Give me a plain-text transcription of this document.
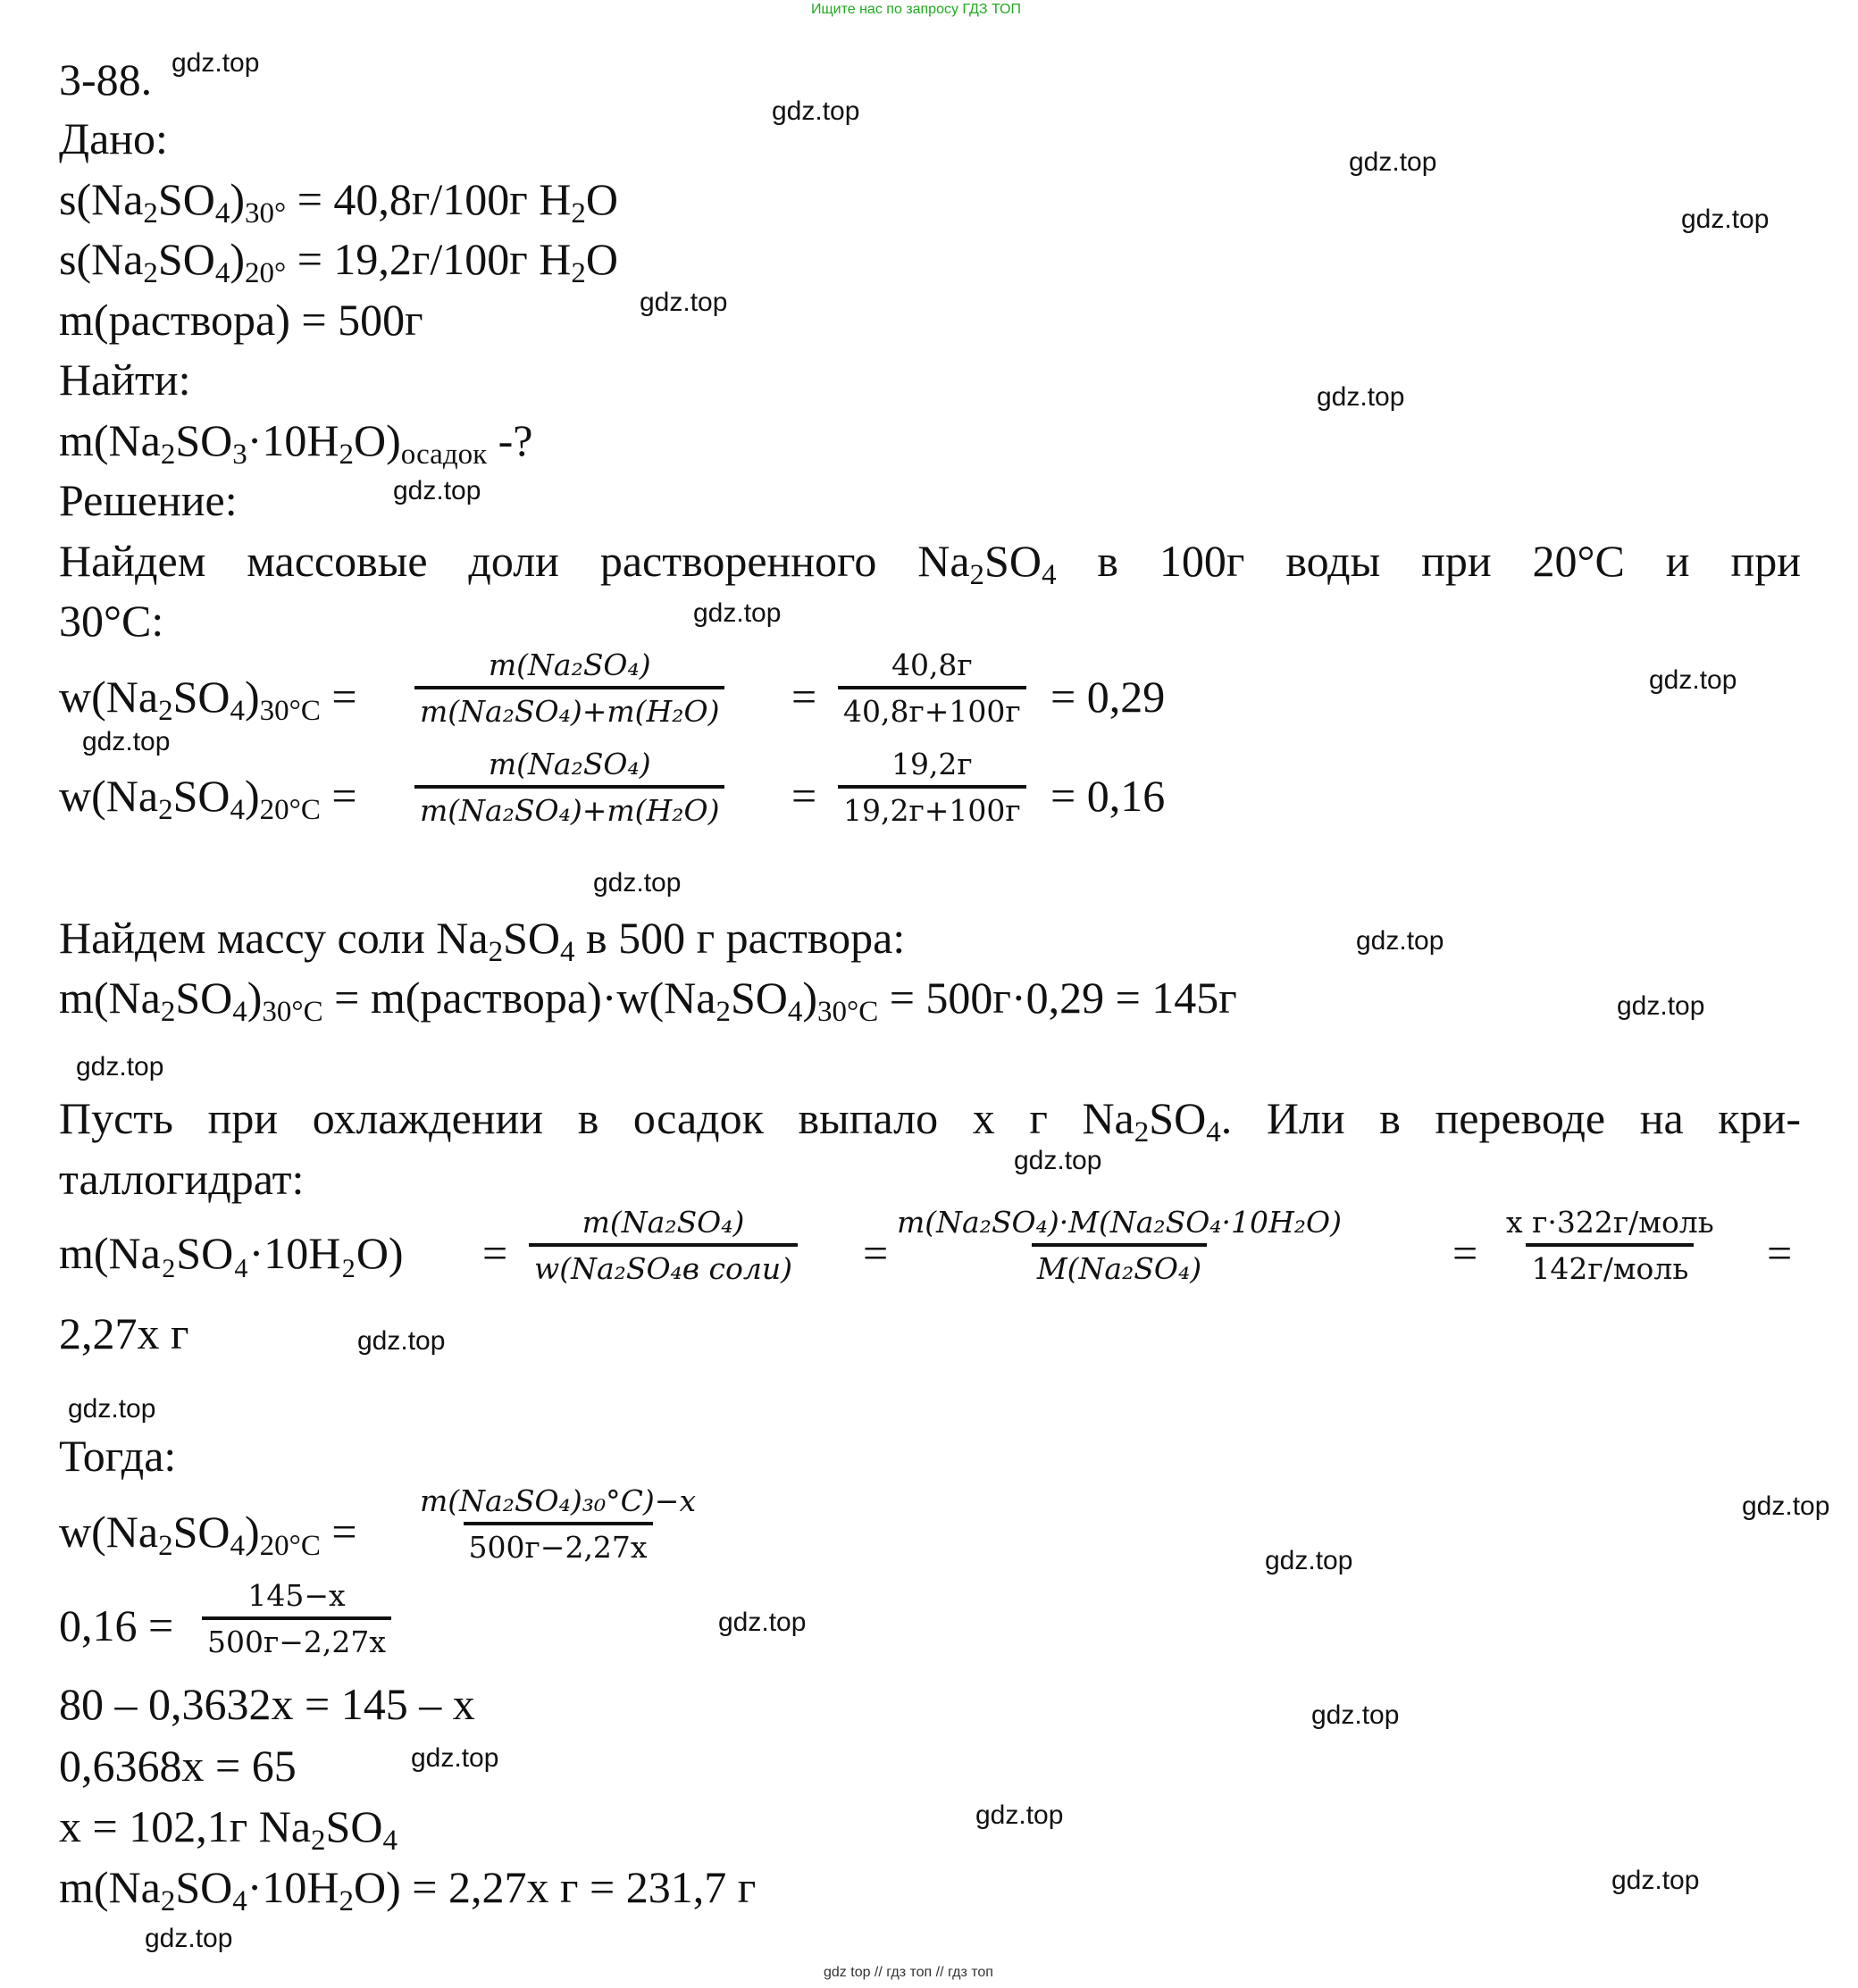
Ищите нас по запросу ГДЗ ТОП
gdz top // гдз топ // гдз топ
gdz.top
gdz.top
gdz.top
gdz.top
gdz.top
gdz.top
gdz.top
gdz.top
gdz.top
gdz.top
gdz.top
gdz.top
gdz.top
gdz.top
gdz.top
gdz.top
gdz.top
gdz.top
gdz.top
gdz.top
gdz.top
gdz.top
gdz.top
gdz.top
gdz.top
3-88.
Дано:
$s(Na_2SO_4)_{30^\circ} = 40,8г/100г$ $H_2O$
$s(Na_2SO_4)_{20^\circ} = 19,2г/100г$ $H_2O$
m(раствора) = 500г
Найти:
$m(Na_2SO_3\cdot 10H_2O)_{осадок}$ -?
Решение:
Найдем массовые доли растворенного $Na_2SO_4$ в 100г воды при 20°С и при
30°С:
$w(Na_2SO_4)_{30^\circ С} = \frac{\text{m(Na₂SO₄)}}{\text{m(Na₂SO₄)+m(H₂O)}}$ =
40,8г
40,8г+100г = 0,29
$w(Na_2SO_4)_{20^\circ С} = \frac{\text{m(Na₂SO₄)}}{\text{m(Na₂SO₄)+m(H₂O)}}$ =
19,2г
19,2г+100г = 0,16
Найдем массу соли $Na_2SO_4$ в 500 г раствора:
$m(Na_2SO_4)_{30^\circ С}$ = $m(раствора)\cdot w(Na_2SO_4)_{30^\circ С} = 500г\cdot 0,29 = 145г$
Пусть при охлаждении в осадок выпало x г $Na_2SO_4$. Или в переводе на кри-
таллогидрат:
m(Na₂SO₄·10H₂O) =
m(Na₂SO₄)
w(Na₂SO₄в соли) = $\frac{\text{m(Na₂SO₄)·M(Na₂SO₄·10H₂O)}}{\text{M(Na₂SO₄)}}$ =
x г·322г/моль
142г/моль =
2,27x г
Тогда:
$w(Na_2SO_4)_{20^\circ С}$ =
m(Na₂SO₄)₃₀°C)−x
500г−2,27x
0,16 =
145−x
500г−2,27x
80 – 0,3632x = 145 – x
0,6368x = 65
x = 102,1г $Na_2SO_4$
$m(Na_2SO_4\cdot 10H_2O) = 2,27x$ г = 231,7 г
